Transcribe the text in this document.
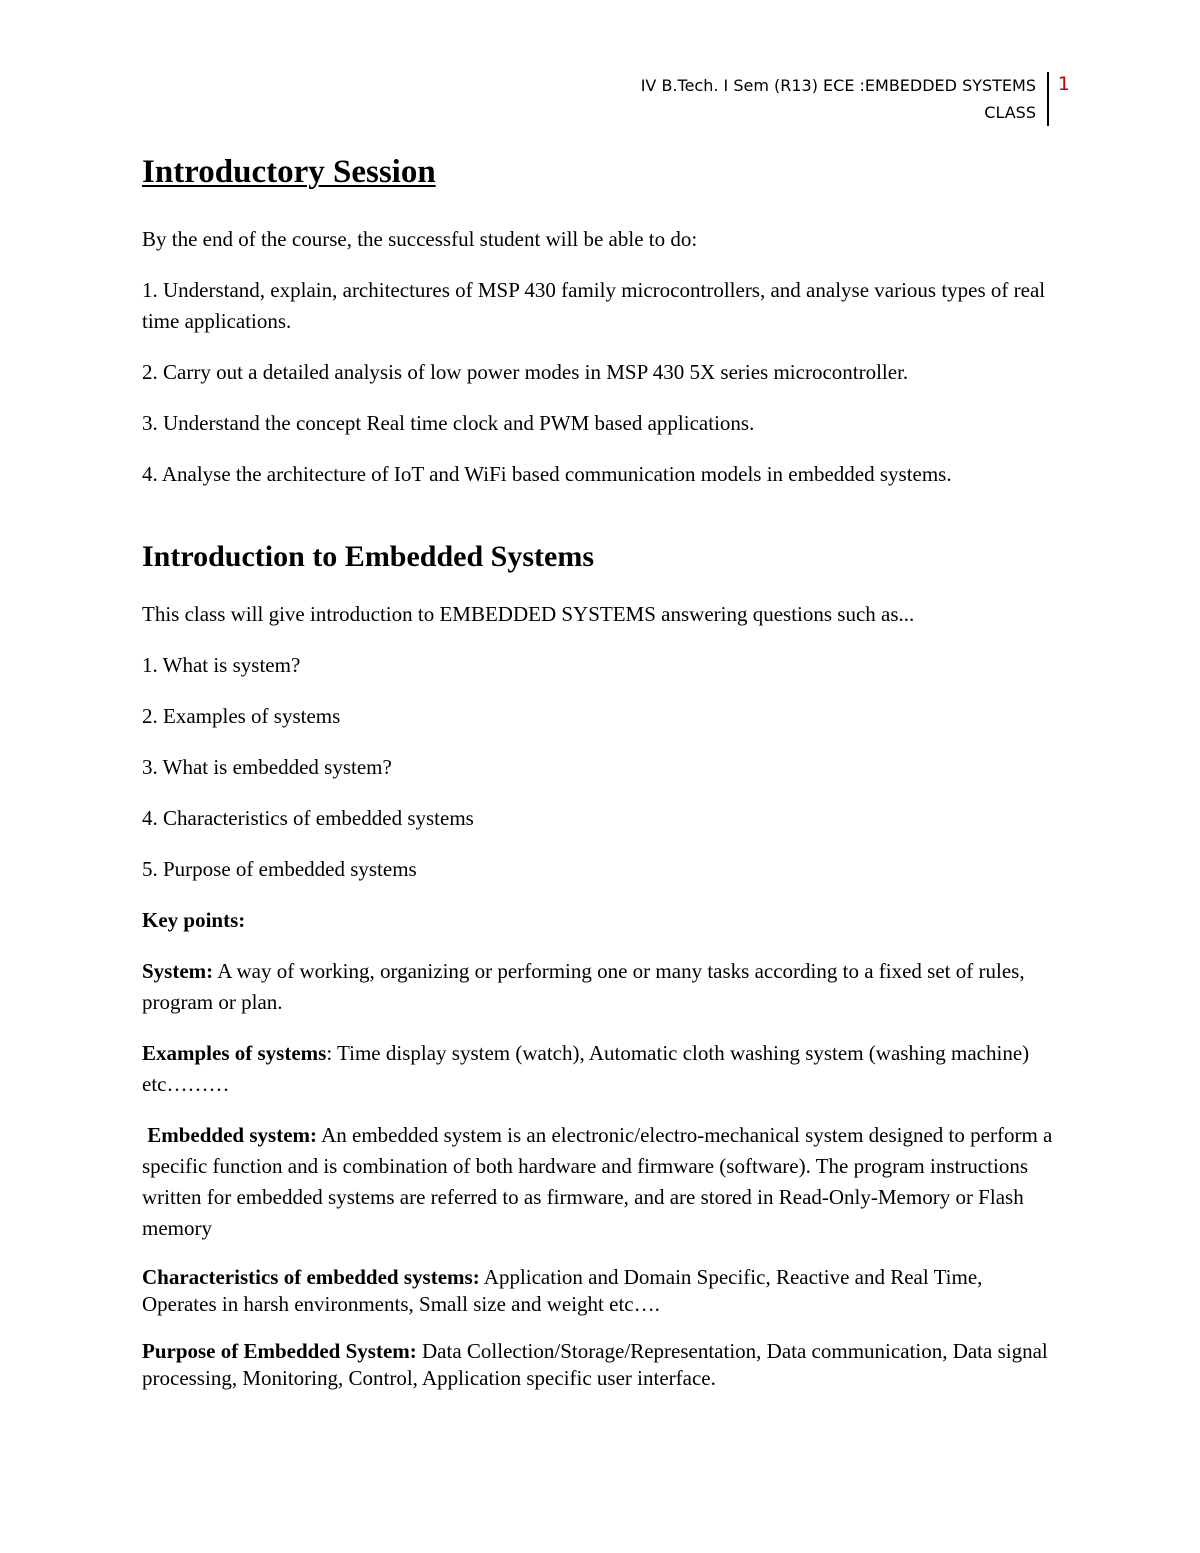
IV B.Tech. I Sem (R13) ECE :EMBEDDED SYSTEMS
CLASS
1
Introductory Session

By the end of the course, the successful student will be able to do:

1. Understand, explain, architectures of MSP 430 family microcontrollers, and analyse various types of real time applications.

2. Carry out a detailed analysis of low power modes in MSP 430 5X series microcontroller.

3. Understand the concept Real time clock and PWM based applications.

4. Analyse the architecture of IoT and WiFi based communication models in embedded systems.

Introduction to Embedded Systems

This class will give introduction to EMBEDDED SYSTEMS answering questions such as...

1. What is system?

2. Examples of systems

3. What is embedded system?

4. Characteristics of embedded systems

5. Purpose of embedded systems

Key points:

System: A way of working, organizing or performing one or many tasks according to a fixed set of rules, program or plan.

Examples of systems: Time display system (watch), Automatic cloth washing system (washing machine) etc………

Embedded system: An embedded system is an electronic/electro-mechanical system designed to perform a specific function and is combination of both hardware and firmware (software). The program instructions written for embedded systems are referred to as firmware, and are stored in Read-Only-Memory or Flash memory

Characteristics of embedded systems: Application and Domain Specific, Reactive and Real Time, Operates in harsh environments, Small size and weight etc….

Purpose of Embedded System: Data Collection/Storage/Representation, Data communication, Data signal processing, Monitoring, Control, Application specific user interface.
